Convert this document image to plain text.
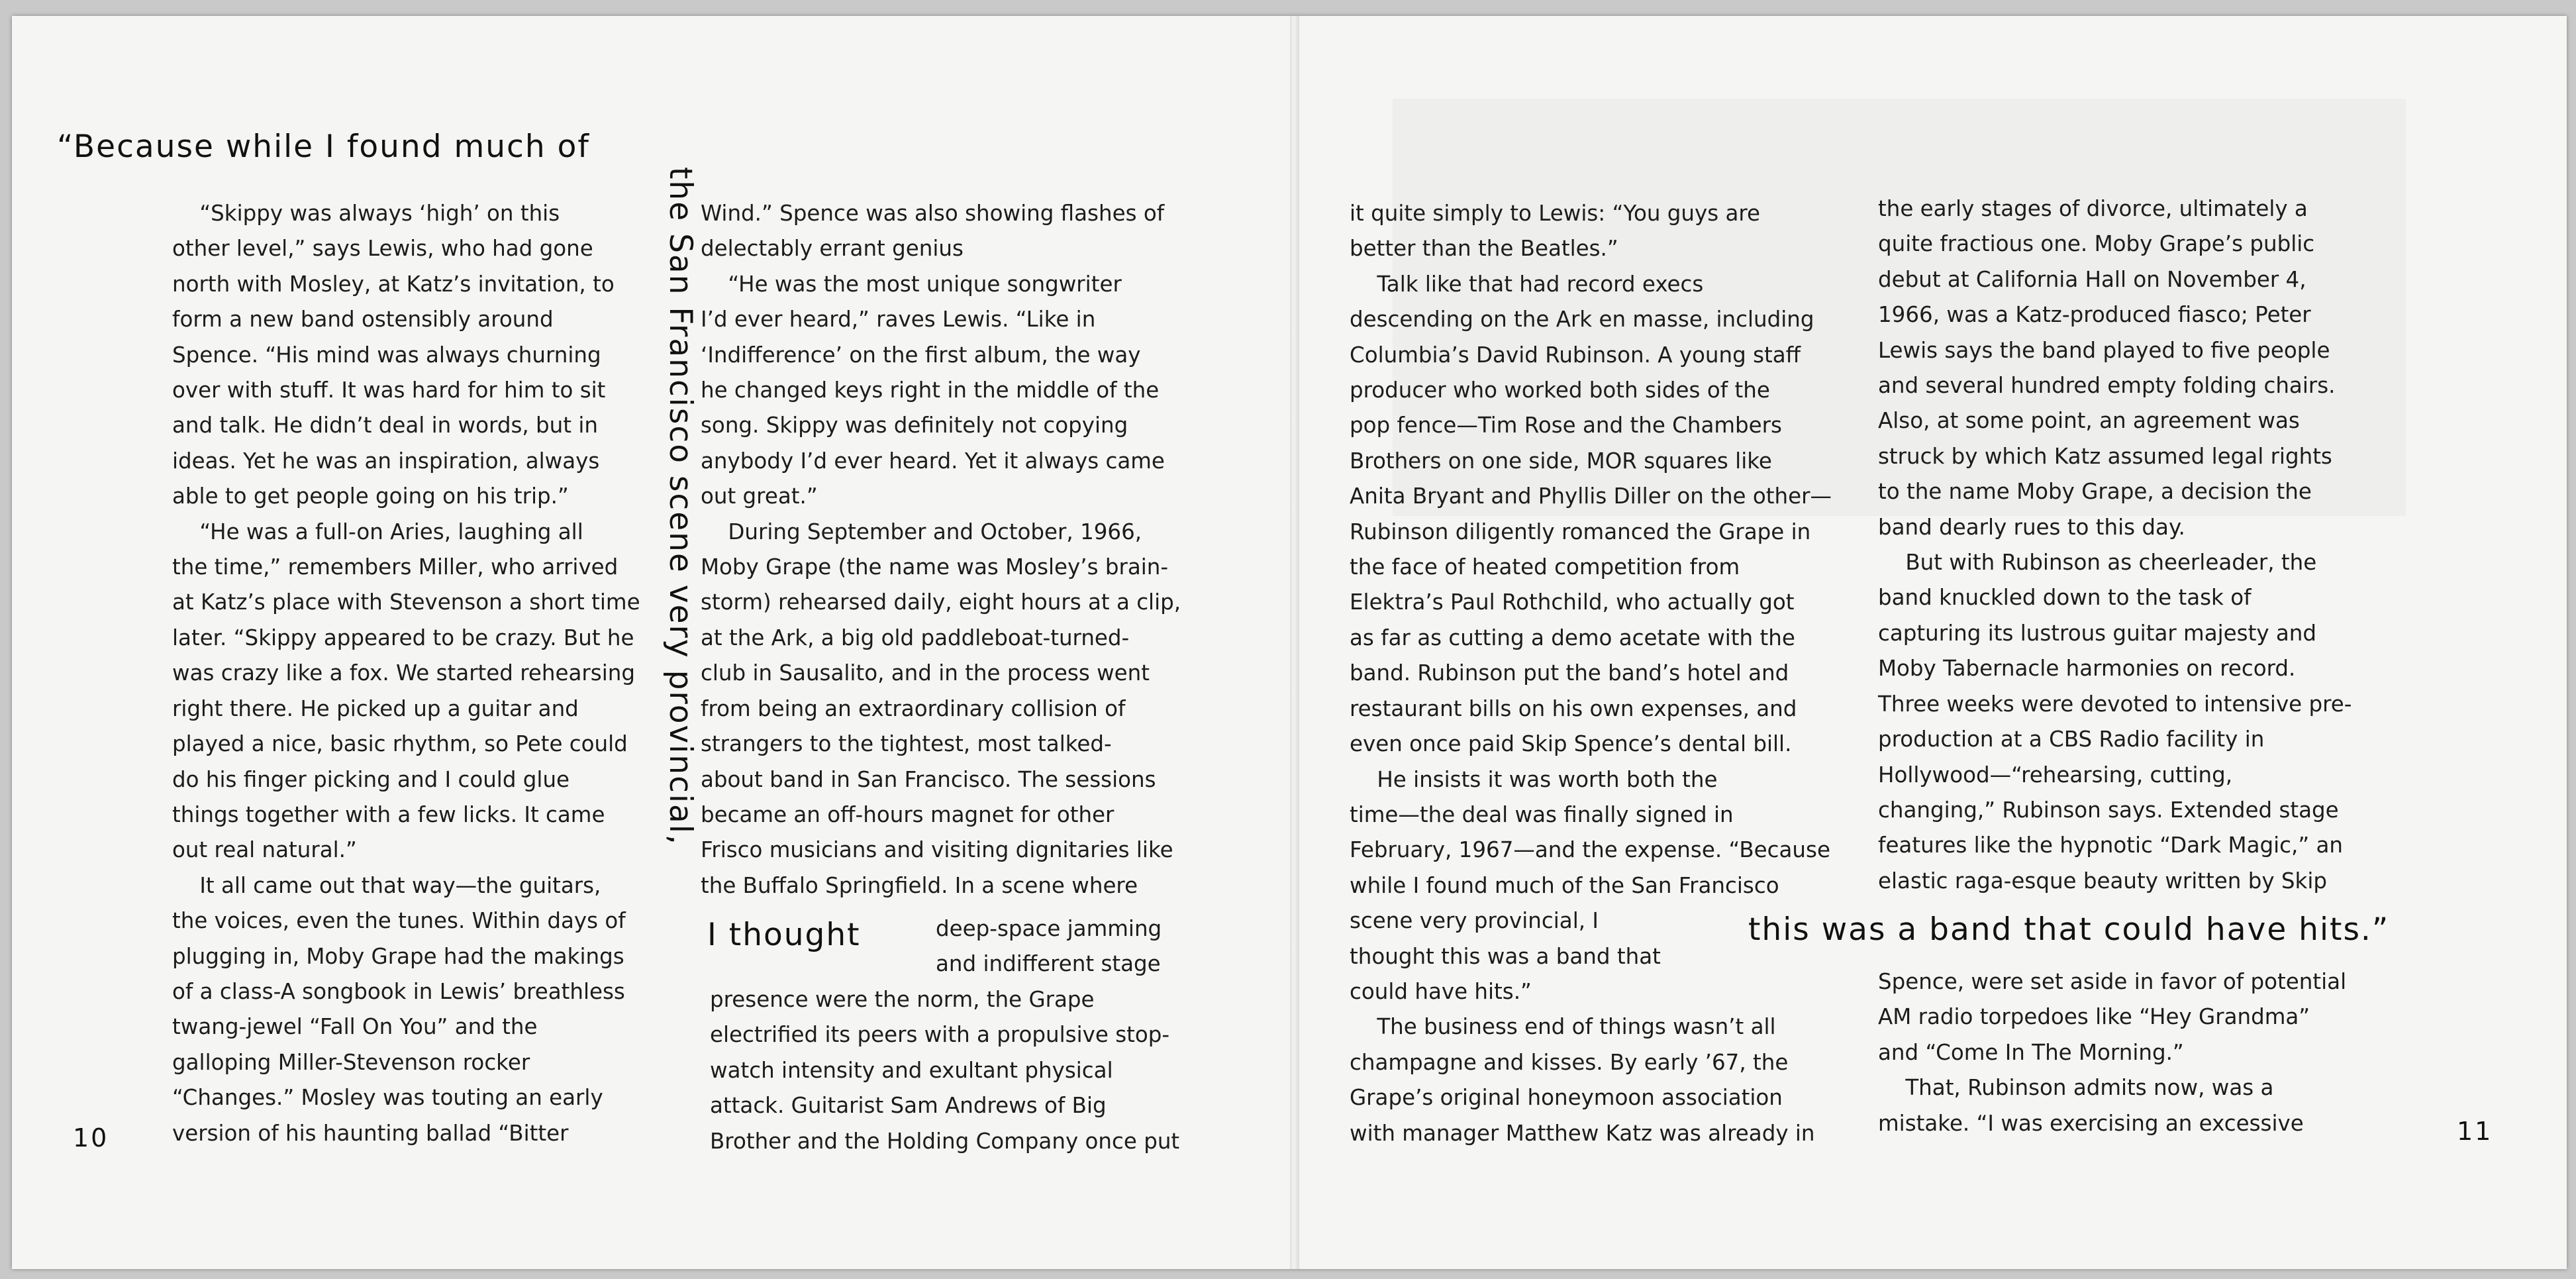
“Because while I found much of
the San Francisco scene very provincial,
I thought

“Skippy was always ‘high’ on this
other level,” says Lewis, who had gone
north with Mosley, at Katz’s invitation, to
form a new band ostensibly around
Spence. “His mind was always churning
over with stuff. It was hard for him to sit
and talk. He didn’t deal in words, but in
ideas. Yet he was an inspiration, always
able to get people going on his trip.”
“He was a full-on Aries, laughing all
the time,” remembers Miller, who arrived
at Katz’s place with Stevenson a short time
later. “Skippy appeared to be crazy. But he
was crazy like a fox. We started rehearsing
right there. He picked up a guitar and
played a nice, basic rhythm, so Pete could
do his finger picking and I could glue
things together with a few licks. It came
out real natural.”
It all came out that way—the guitars,
the voices, even the tunes. Within days of
plugging in, Moby Grape had the makings
of a class-A songbook in Lewis’ breathless
twang-jewel “Fall On You” and the
galloping Miller-Stevenson rocker
“Changes.” Mosley was touting an early
version of his haunting ballad “Bitter

Wind.” Spence was also showing flashes of
delectably errant genius
“He was the most unique songwriter
I’d ever heard,” raves Lewis. “Like in
‘Indifference’ on the first album, the way
he changed keys right in the middle of the
song. Skippy was definitely not copying
anybody I’d ever heard. Yet it always came
out great.”
During September and October, 1966,
Moby Grape (the name was Mosley’s brain-
storm) rehearsed daily, eight hours at a clip,
at the Ark, a big old paddleboat-turned-
club in Sausalito, and in the process went
from being an extraordinary collision of
strangers to the tightest, most talked-
about band in San Francisco. The sessions
became an off-hours magnet for other
Frisco musicians and visiting dignitaries like
the Buffalo Springfield. In a scene where

deep-space jamming
and indifferent stage

presence were the norm, the Grape
electrified its peers with a propulsive stop-
watch intensity and exultant physical
attack. Guitarist Sam Andrews of Big
Brother and the Holding Company once put

10

it quite simply to Lewis: “You guys are
better than the Beatles.”
Talk like that had record execs
descending on the Ark en masse, including
Columbia’s David Rubinson. A young staff
producer who worked both sides of the
pop fence—Tim Rose and the Chambers
Brothers on one side, MOR squares like
Anita Bryant and Phyllis Diller on the other—
Rubinson diligently romanced the Grape in
the face of heated competition from
Elektra’s Paul Rothchild, who actually got
as far as cutting a demo acetate with the
band. Rubinson put the band’s hotel and
restaurant bills on his own expenses, and
even once paid Skip Spence’s dental bill.
He insists it was worth both the
time—the deal was finally signed in
February, 1967—and the expense. “Because
while I found much of the San Francisco
scene very provincial, I
thought this was a band that
could have hits.”
The business end of things wasn’t all
champagne and kisses. By early ’67, the
Grape’s original honeymoon association
with manager Matthew Katz was already in

the early stages of divorce, ultimately a
quite fractious one. Moby Grape’s public
debut at California Hall on November 4,
1966, was a Katz-produced fiasco; Peter
Lewis says the band played to five people
and several hundred empty folding chairs.
Also, at some point, an agreement was
struck by which Katz assumed legal rights
to the name Moby Grape, a decision the
band dearly rues to this day.
But with Rubinson as cheerleader, the
band knuckled down to the task of
capturing its lustrous guitar majesty and
Moby Tabernacle harmonies on record.
Three weeks were devoted to intensive pre-
production at a CBS Radio facility in
Hollywood—“rehearsing, cutting,
changing,” Rubinson says. Extended stage
features like the hypnotic “Dark Magic,” an
elastic raga-esque beauty written by Skip

this was a band that could have hits.”

Spence, were set aside in favor of potential
AM radio torpedoes like “Hey Grandma”
and “Come In The Morning.”
That, Rubinson admits now, was a
mistake. “I was exercising an excessive	11
